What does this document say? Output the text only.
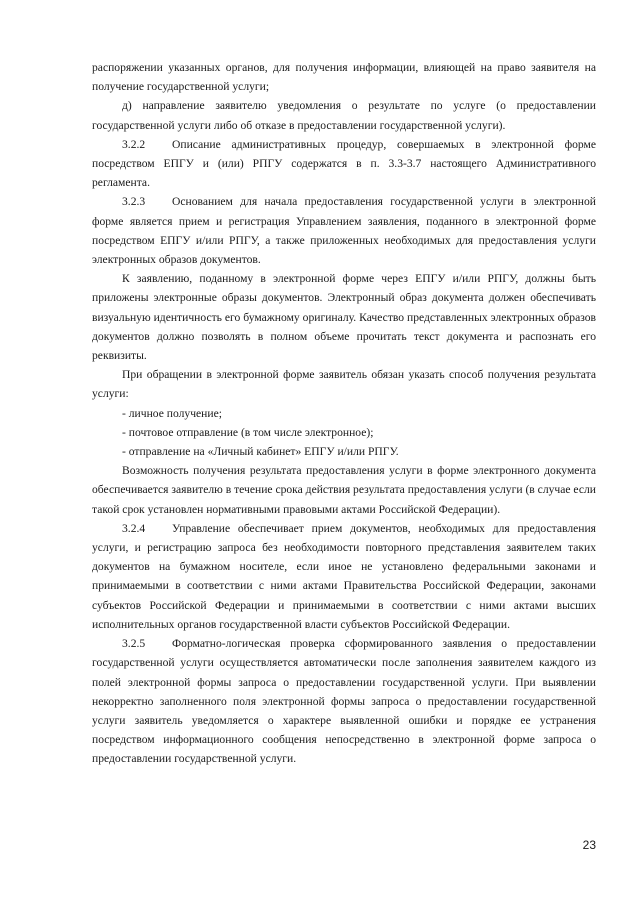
распоряжении указанных органов, для получения информации, влияющей на право заявителя на получение государственной услуги;

д) направление заявителю уведомления о результате по услуге (о предоставлении государственной услуги либо об отказе в предоставлении государственной услуги).

3.2.2 Описание административных процедур, совершаемых в электронной форме посредством ЕПГУ и (или) РПГУ содержатся в п. 3.3-3.7 настоящего Административного регламента.

3.2.3 Основанием для начала предоставления государственной услуги в электронной форме является прием и регистрация Управлением заявления, поданного в электронной форме посредством ЕПГУ и/или РПГУ, а также приложенных необходимых для предоставления услуги электронных образов документов.

К заявлению, поданному в электронной форме через ЕПГУ и/или РПГУ, должны быть приложены электронные образы документов. Электронный образ документа должен обеспечивать визуальную идентичность его бумажному оригиналу. Качество представленных электронных образов документов должно позволять в полном объеме прочитать текст документа и распознать его реквизиты.

При обращении в электронной форме заявитель обязан указать способ получения результата услуги:

- личное получение;

- почтовое отправление (в том числе электронное);

- отправление на «Личный кабинет» ЕПГУ и/или РПГУ.

Возможность получения результата предоставления услуги в форме электронного документа обеспечивается заявителю в течение срока действия результата предоставления услуги (в случае если такой срок установлен нормативными правовыми актами Российской Федерации).

3.2.4 Управление обеспечивает прием документов, необходимых для предоставления услуги, и регистрацию запроса без необходимости повторного представления заявителем таких документов на бумажном носителе, если иное не установлено федеральными законами и принимаемыми в соответствии с ними актами Правительства Российской Федерации, законами субъектов Российской Федерации и принимаемыми в соответствии с ними актами высших исполнительных органов государственной власти субъектов Российской Федерации.

3.2.5 Форматно-логическая проверка сформированного заявления о предоставлении государственной услуги осуществляется автоматически после заполнения заявителем каждого из полей электронной формы запроса о предоставлении государственной услуги. При выявлении некорректно заполненного поля электронной формы запроса о предоставлении государственной услуги заявитель уведомляется о характере выявленной ошибки и порядке ее устранения посредством информационного сообщения непосредственно в электронной форме запроса о предоставлении государственной услуги.

23
